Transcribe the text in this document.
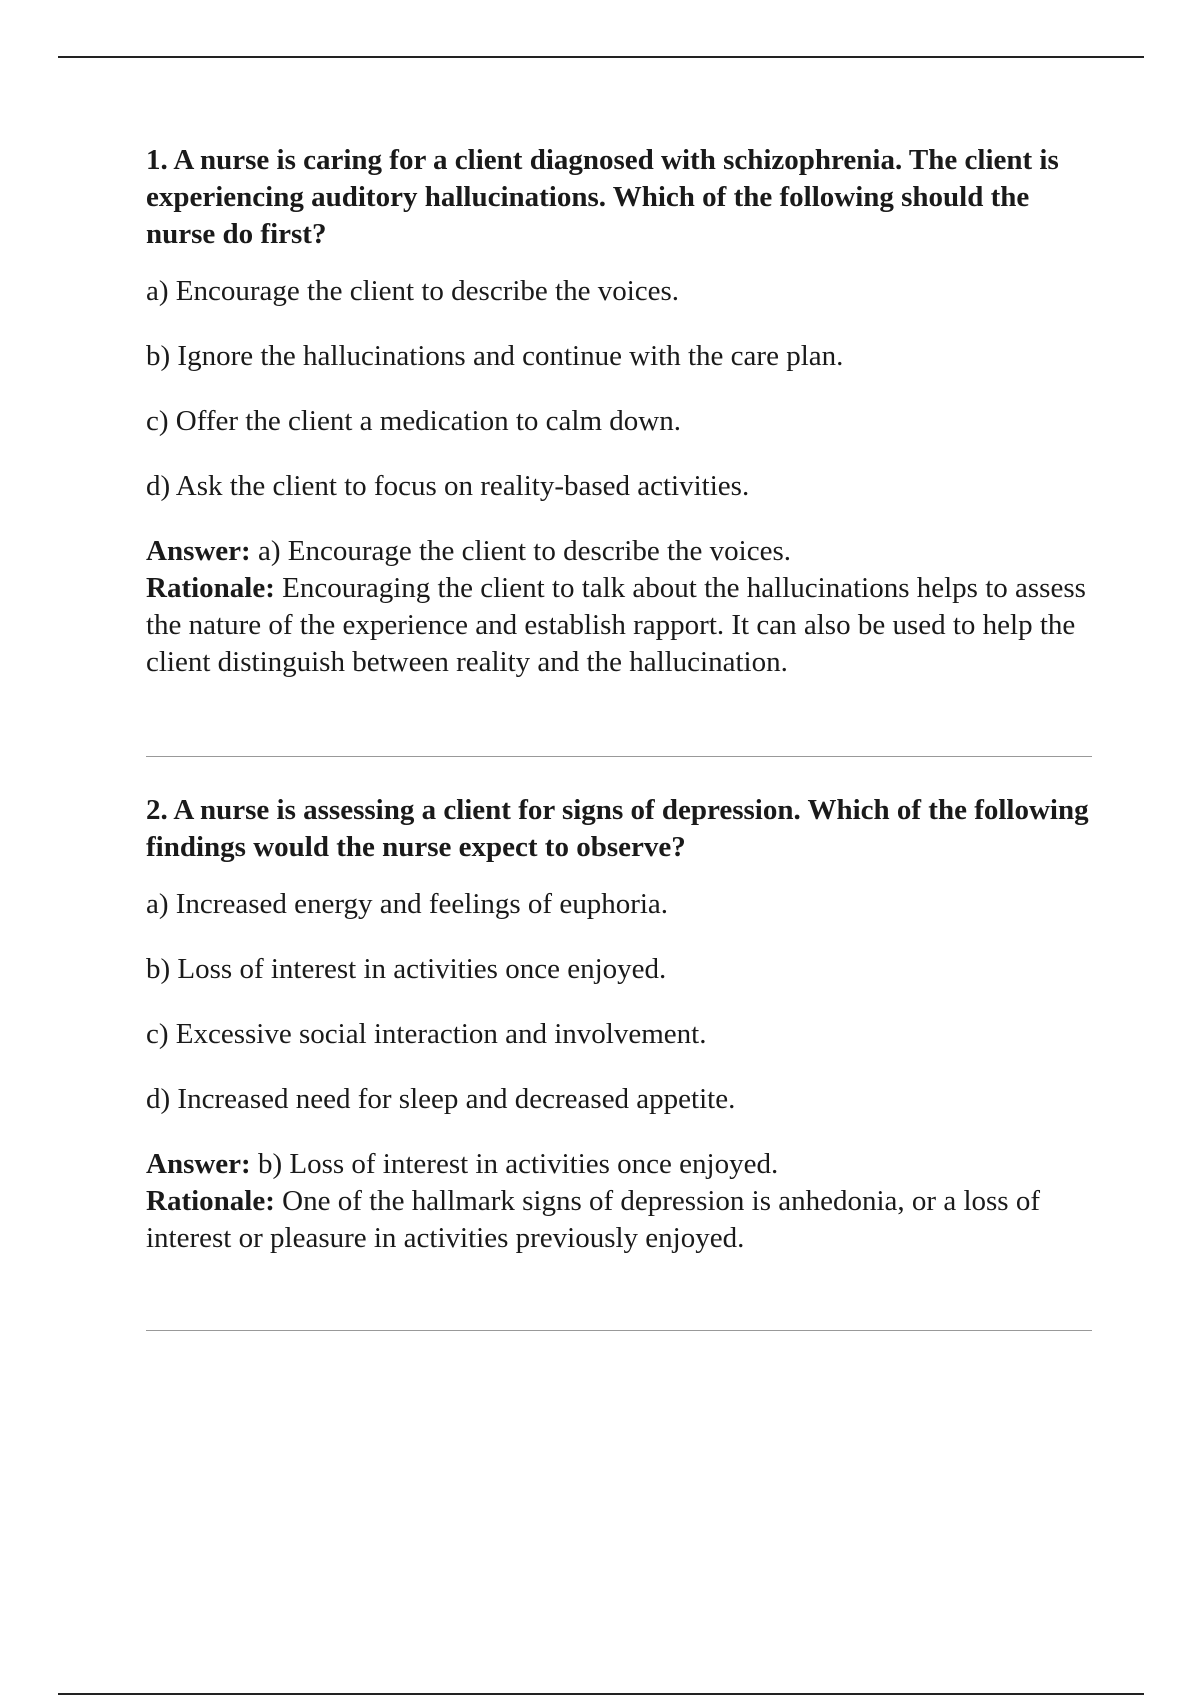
1. A nurse is caring for a client diagnosed with schizophrenia. The client is experiencing auditory hallucinations. Which of the following should the nurse do first?

a) Encourage the client to describe the voices.

b) Ignore the hallucinations and continue with the care plan.

c) Offer the client a medication to calm down.

d) Ask the client to focus on reality-based activities.

Answer: a) Encourage the client to describe the voices.

Rationale: Encouraging the client to talk about the hallucinations helps to assess the nature of the experience and establish rapport. It can also be used to help the client distinguish between reality and the hallucination.

2. A nurse is assessing a client for signs of depression. Which of the following findings would the nurse expect to observe?

a) Increased energy and feelings of euphoria.

b) Loss of interest in activities once enjoyed.

c) Excessive social interaction and involvement.

d) Increased need for sleep and decreased appetite.

Answer: b) Loss of interest in activities once enjoyed.

Rationale: One of the hallmark signs of depression is anhedonia, or a loss of interest or pleasure in activities previously enjoyed.
